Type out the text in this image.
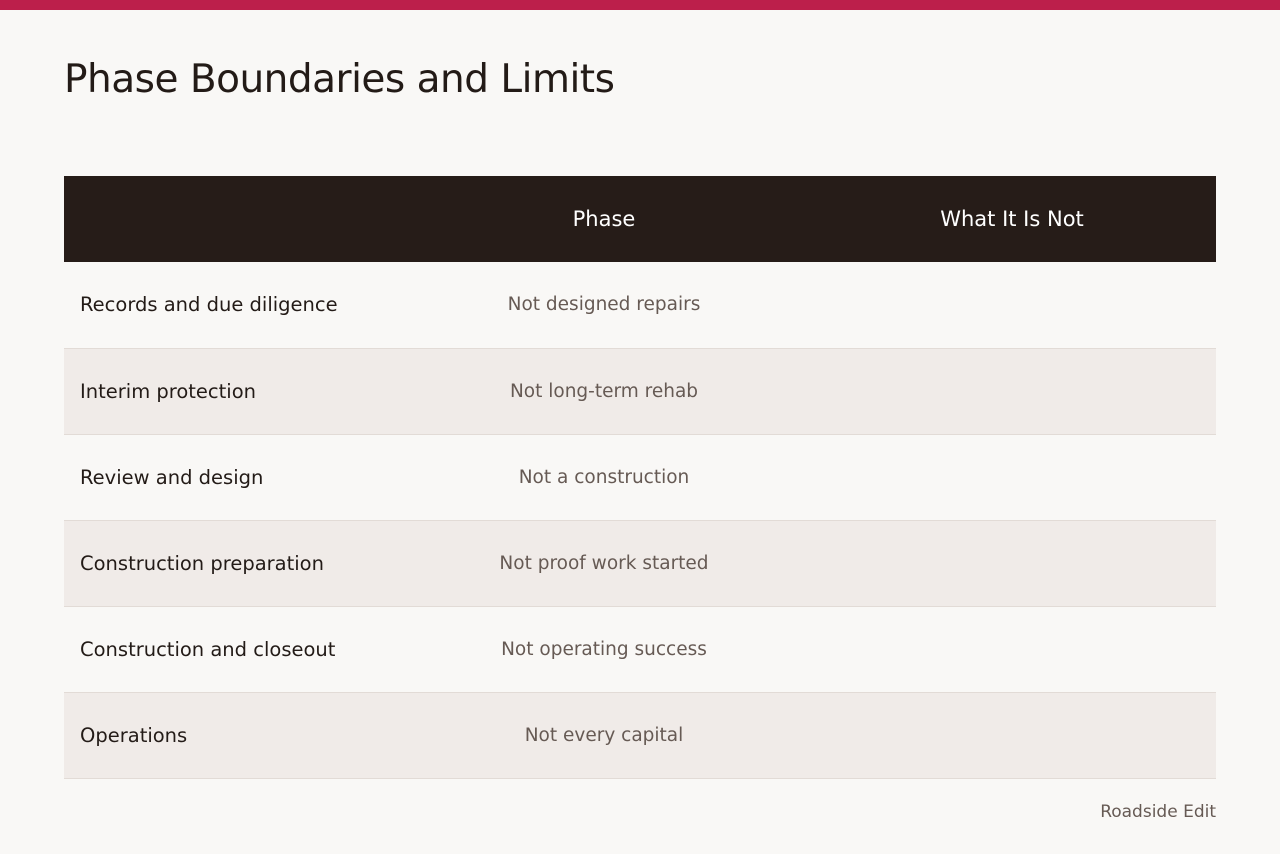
Phase Boundaries and Limits
	Phase	What It Is Not
Records and due diligence	Not designed repairs	
Interim protection	Not long-term rehab	
Review and design	Not a construction	
Construction preparation	Not proof work started	
Construction and closeout	Not operating success	
Operations	Not every capital	
Roadside Edit
